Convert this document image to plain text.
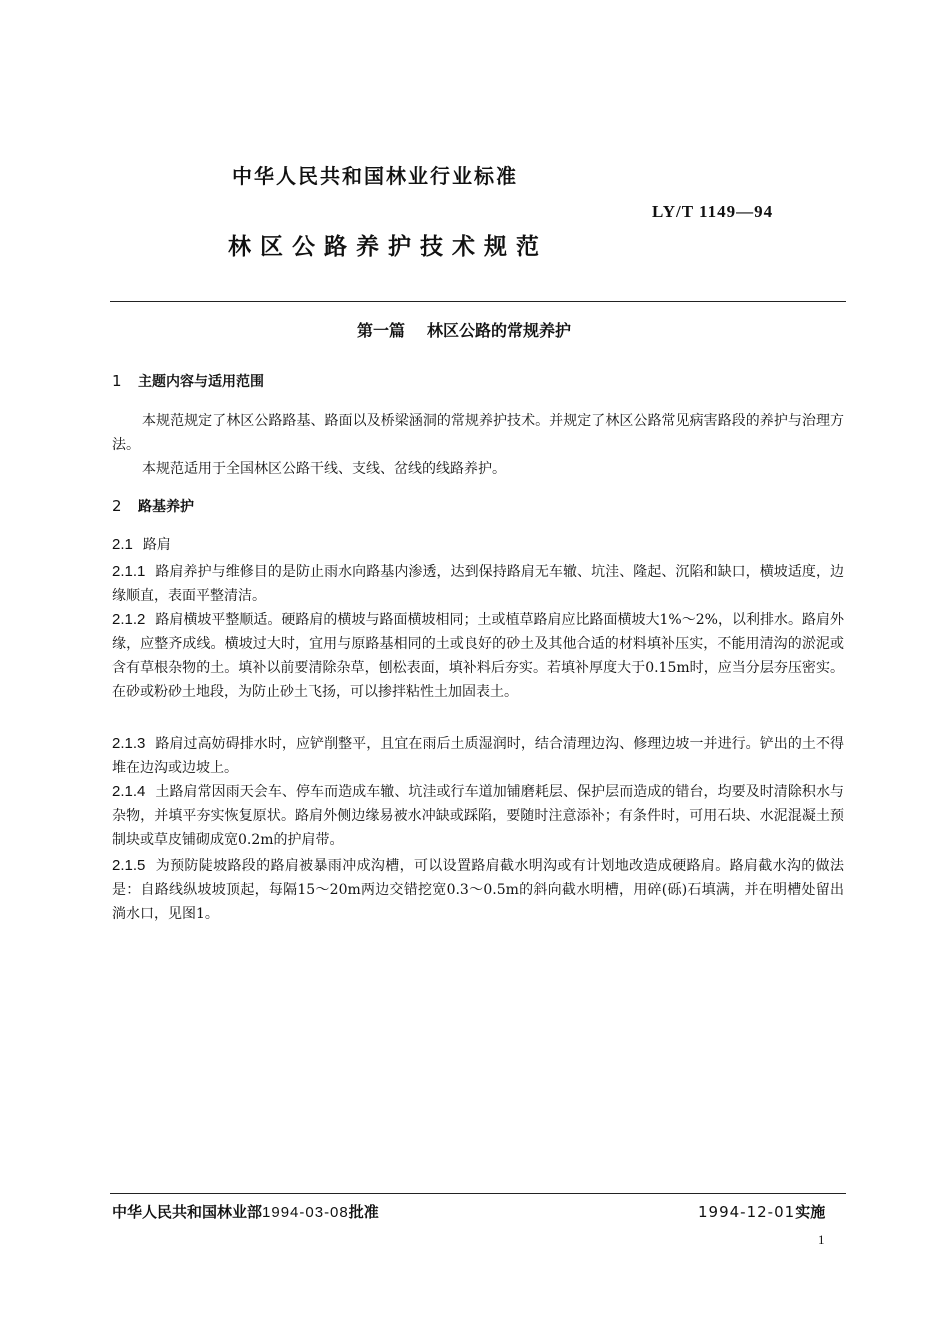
中华人民共和国林业行业标准
LY/T 1149—94
林区公路养护技术规范
第一篇 林区公路的常规养护
1 主题内容与适用范围

本规范规定了林区公路路基、路面以及桥梁涵洞的常规养护技术。并规定了林区公路常见病害路段的养护与治理方法。

本规范适用于全国林区公路干线、支线、岔线的线路养护。

2 路基养护
2.1 路肩

2.1.1 路肩养护与维修目的是防止雨水向路基内渗透，达到保持路肩无车辙、坑洼、隆起、沉陷和缺口，横坡适度，边缘顺直，表面平整清洁。

2.1.2 路肩横坡平整顺适。硬路肩的横坡与路面横坡相同；土或植草路肩应比路面横坡大1%～2%，以利排水。路肩外缘，应整齐成线。横坡过大时，宜用与原路基相同的土或良好的砂土及其他合适的材料填补压实，不能用清沟的淤泥或含有草根杂物的土。填补以前要清除杂草，刨松表面，填补料后夯实。若填补厚度大于0.15m时，应当分层夯压密实。在砂或粉砂土地段，为防止砂土飞扬，可以掺拌粘性土加固表土。

2.1.3 路肩过高妨碍排水时，应铲削整平，且宜在雨后土质湿润时，结合清理边沟、修理边坡一并进行。铲出的土不得堆在边沟或边坡上。

2.1.4 土路肩常因雨天会车、停车而造成车辙、坑洼或行车道加铺磨耗层、保护层而造成的错台，均要及时清除积水与杂物，并填平夯实恢复原状。路肩外侧边缘易被水冲缺或踩陷，要随时注意添补；有条件时，可用石块、水泥混凝土预制块或草皮铺砌成宽0.2m的护肩带。

2.1.5 为预防陡坡路段的路肩被暴雨冲成沟槽，可以设置路肩截水明沟或有计划地改造成硬路肩。路肩截水沟的做法是：自路线纵坡坡顶起，每隔15～20m两边交错挖宽0.3～0.5m的斜向截水明槽，用碎(砾)石填满，并在明槽处留出淌水口，见图1。

中华人民共和国林业部1994-03-08批准	1994-12-01实施
1
